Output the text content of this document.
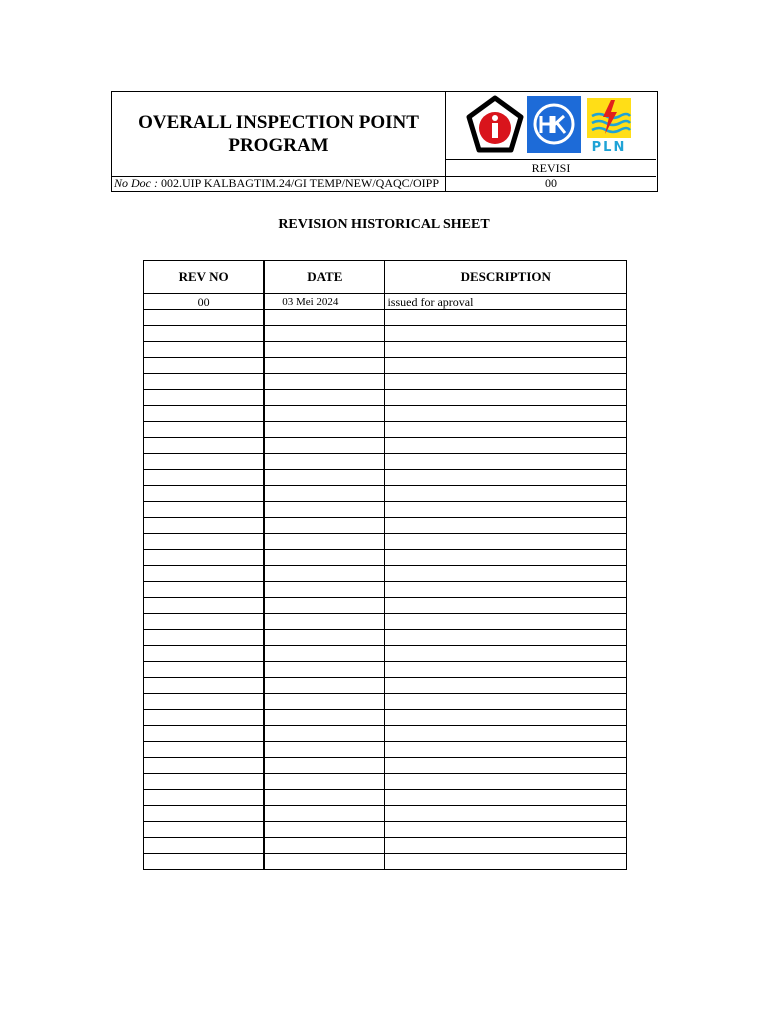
OVERALL INSPECTION POINT PROGRAM	PLN
REVISI
No Doc : 002.UIP KALBAGTIM.24/GI TEMP/NEW/QAQC/OIPP	00
REVISION HISTORICAL SHEET
REV NO	DATE	DESCRIPTION
00	03 Mei 2024	issued for aproval
